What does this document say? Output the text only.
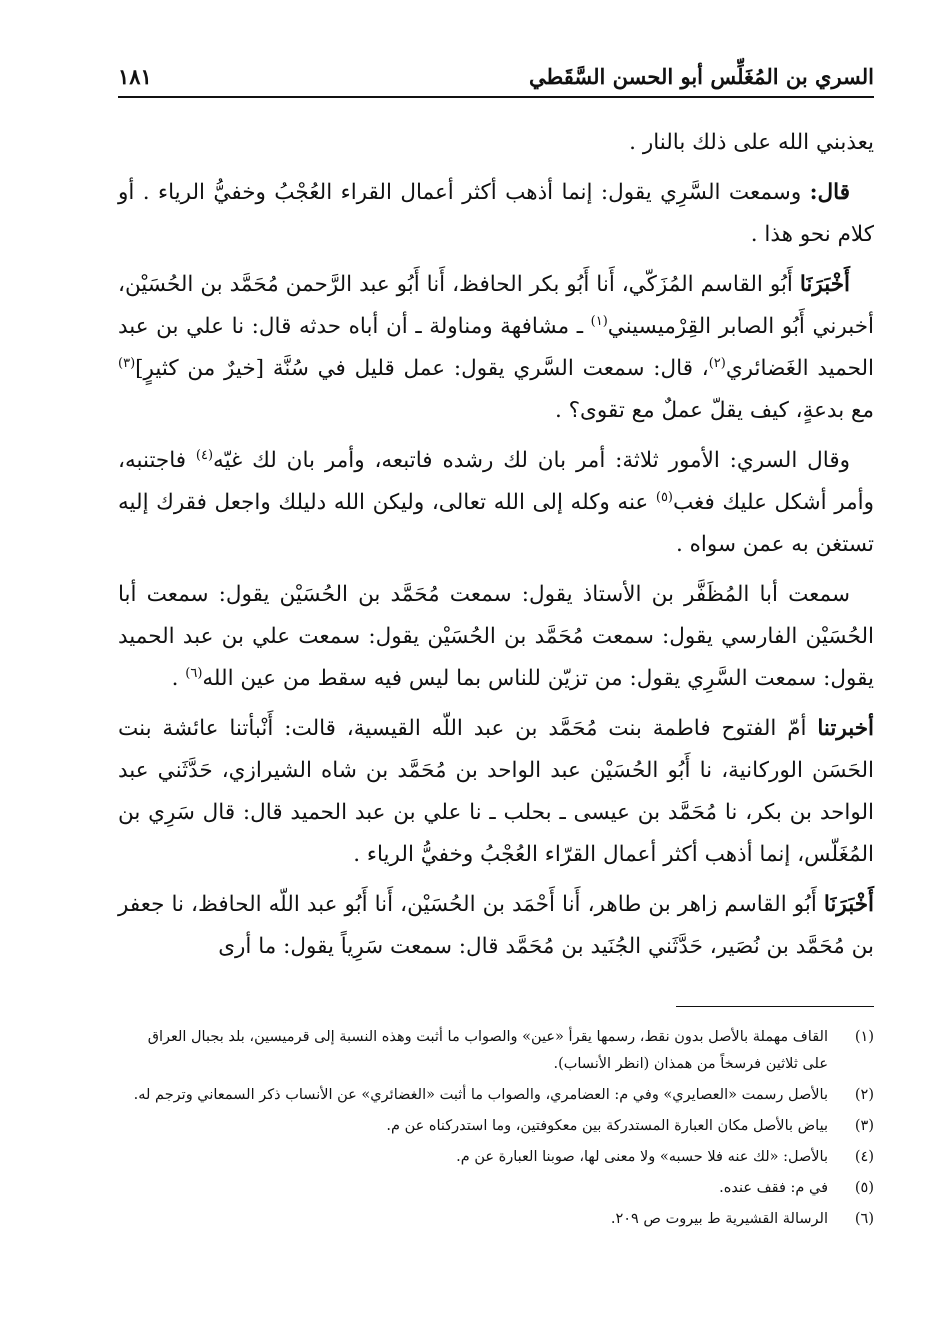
السري بن المُغَلِّس أبو الحسن السَّقَطي
١٨١

يعذبني الله على ذلك بالنار .

قال: وسمعت السَّرِي يقول: إنما أذهب أكثر أعمال القراء العُجْبُ وخفيُّ الرياء . أو كلام نحو هذا .

أَخْبَرَنَا أَبُو القاسم المُزَكّي، أَنا أَبُو بكر الحافظ، أَنا أَبُو عبد الرَّحمن مُحَمَّد بن الحُسَيْن، أخبرني أَبُو الصابر القِرْميسيني$^{(١)}$ ـ مشافهة ومناولة ـ أن أباه حدثه قال: نا علي بن عبد الحميد الغَضائري$^{(٢)}$، قال: سمعت السَّري يقول: عمل قليل في سُنَّة [خيرٌ من كثيرٍ]$^{(٣)}$ مع بدعةٍ، كيف يقلّ عملٌ مع تقوى؟ .

وقال السري: الأمور ثلاثة: أمر بان لك رشده فاتبعه، وأمر بان لك غيّه$^{(٤)}$ فاجتنبه، وأمر أشكل عليك فغب$^{(٥)}$ عنه وكله إلى الله تعالى، وليكن الله دليلك واجعل فقرك إليه تستغن به عمن سواه .

سمعت أبا المُظَفَّر بن الأستاذ يقول: سمعت مُحَمَّد بن الحُسَيْن يقول: سمعت أبا الحُسَيْن الفارسي يقول: سمعت مُحَمَّد بن الحُسَيْن يقول: سمعت علي بن عبد الحميد يقول: سمعت السَّرِي يقول: من تزيّن للناس بما ليس فيه سقط من عين الله$^{(٦)}$ .

أخبرتنا أمّ الفتوح فاطمة بنت مُحَمَّد بن عبد اللّه القيسية، قالت: أَنْبأتنا عائشة بنت الحَسَن الوركانية، نا أَبُو الحُسَيْن عبد الواحد بن مُحَمَّد بن شاه الشيرازي، حَدَّثَني عبد الواحد بن بكر، نا مُحَمَّد بن عيسى ـ بحلب ـ نا علي بن عبد الحميد قال: قال سَرِي بن المُغَلّس، إنما أذهب أكثر أعمال القرّاء العُجْبُ وخفيُّ الرياء .

أَخْبَرَنَا أَبُو القاسم زاهر بن طاهر، أَنا أَحْمَد بن الحُسَيْن، أَنا أَبُو عبد اللّه الحافظ، نا جعفر بن مُحَمَّد بن نُصَير، حَدَّثَني الجُنَيد بن مُحَمَّد قال: سمعت سَرِياً يقول: ما أرى

(١)
القاف مهملة بالأصل بدون نقط، رسمها يقرأ «عين» والصواب ما أثبت وهذه النسبة إلى قرميسين، بلد بجبال العراق على ثلاثين فرسخاً من همذان (انظر الأنساب).

(٢)
بالأصل رسمت «العصايري» وفي م: العضامري، والصواب ما أثبت «الغضائري» عن الأنساب ذكر السمعاني وترجم له.

(٣)
بياض بالأصل مكان العبارة المستدركة بين معكوفتين، وما استدركناه عن م.

(٤)
بالأصل: «لك عنه فلا حسبه» ولا معنى لها، صوبنا العبارة عن م.

(٥)
في م: فقف عنده.

(٦)
الرسالة القشيرية ط بيروت ص ٢٠٩.
